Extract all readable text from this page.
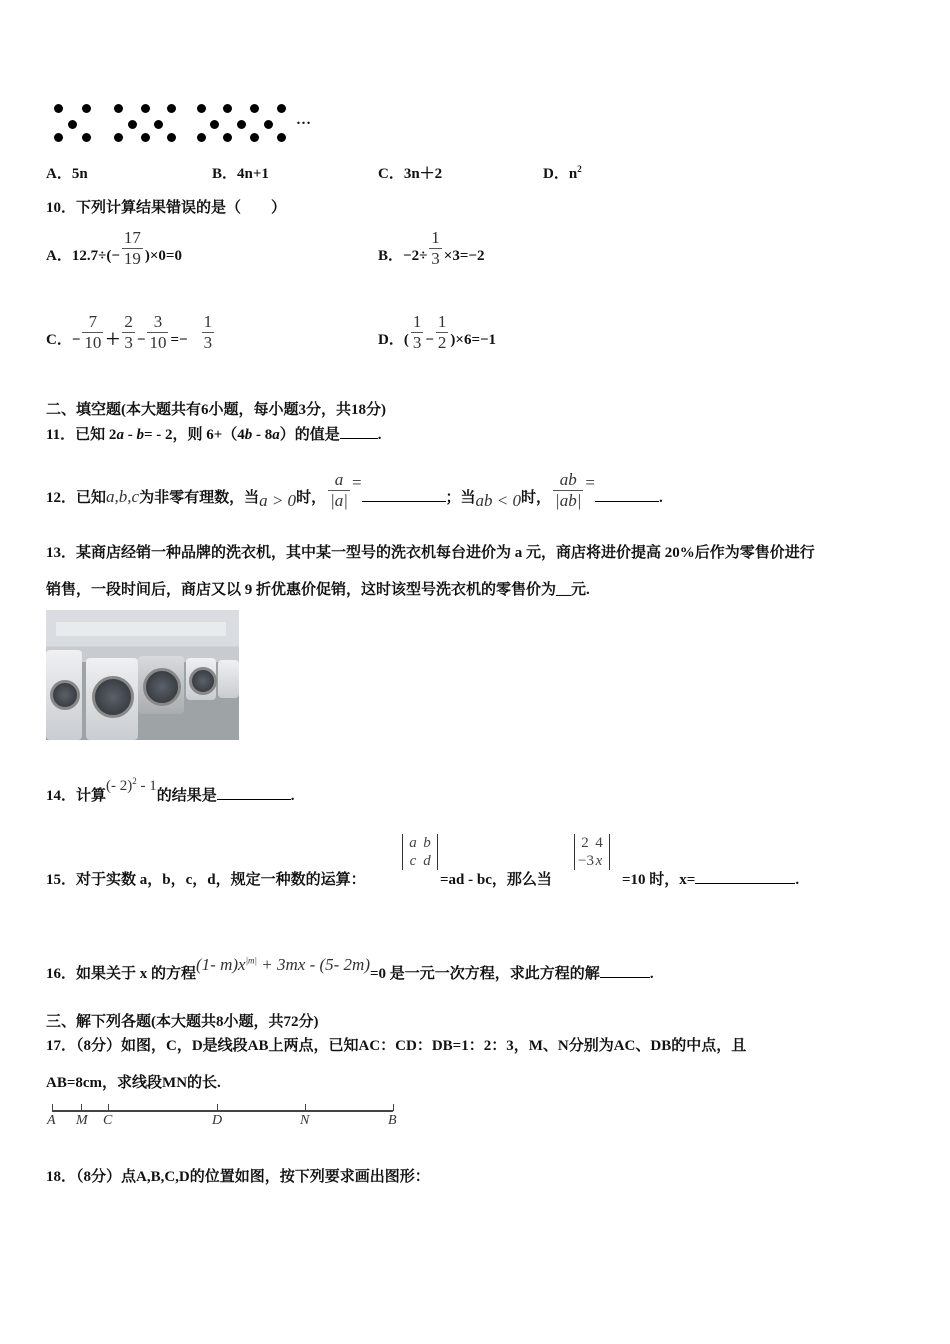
…
A．5n	B．4n+1	C．3n＋2	D．$n^2$
10．下列计算结果错误的是（　　）
A．$12.7\div(- \frac{17}{19} )\times 0=0$	B．$-2\div \frac{1}{3} \times 3=-2$
C．− $\frac{7}{10} + \frac{2}{3} - \frac{3}{10} =- \frac{1}{3}$	D．( $\frac{1}{3} - \frac{1}{2} )\times 6=-1$
二、填空题(本大题共有6小题，每小题3分，共18分)
11．已知 2a - b= - 2，则 6+（4b - 8a）的值是	.
12．已知a,b,c为非零有理数，当a > 0时， $\frac{a}{|a|}$ =；当ab < 0时， $\frac{ab}{|ab|}$ =.
13．某商店经销一种品牌的洗衣机，其中某一型号的洗衣机每台进价为 a 元，商店将进价提高 20%后作为零售价进行
销售，一段时间后，商店又以 9 折优惠价促销，这时该型号洗衣机的零售价为__元.
14．计算(- 2)$^2$ - 1的结果是	.
a b
c d
2 4
−3 x
15．对于实数 a，b，c，d，规定一种数的运算：	=ad - bc，那么当	=10 时，x=	.
16．如果关于 x 的方程(1- $m)x^{|m|} + 3mx - (5-$ 2m)=0 是一元一次方程，求此方程的解	.
三、解下列各题(本大题共8小题，共72分)
17．（8分）如图，C，D是线段AB上两点，已知AC：CD：DB=1：2：3，M、N分别为AC、DB的中点，且
AB=8cm，求线段MN的长.
A M C	D	N	B
18．（8分）点A,B,C,D的位置如图，按下列要求画出图形：
